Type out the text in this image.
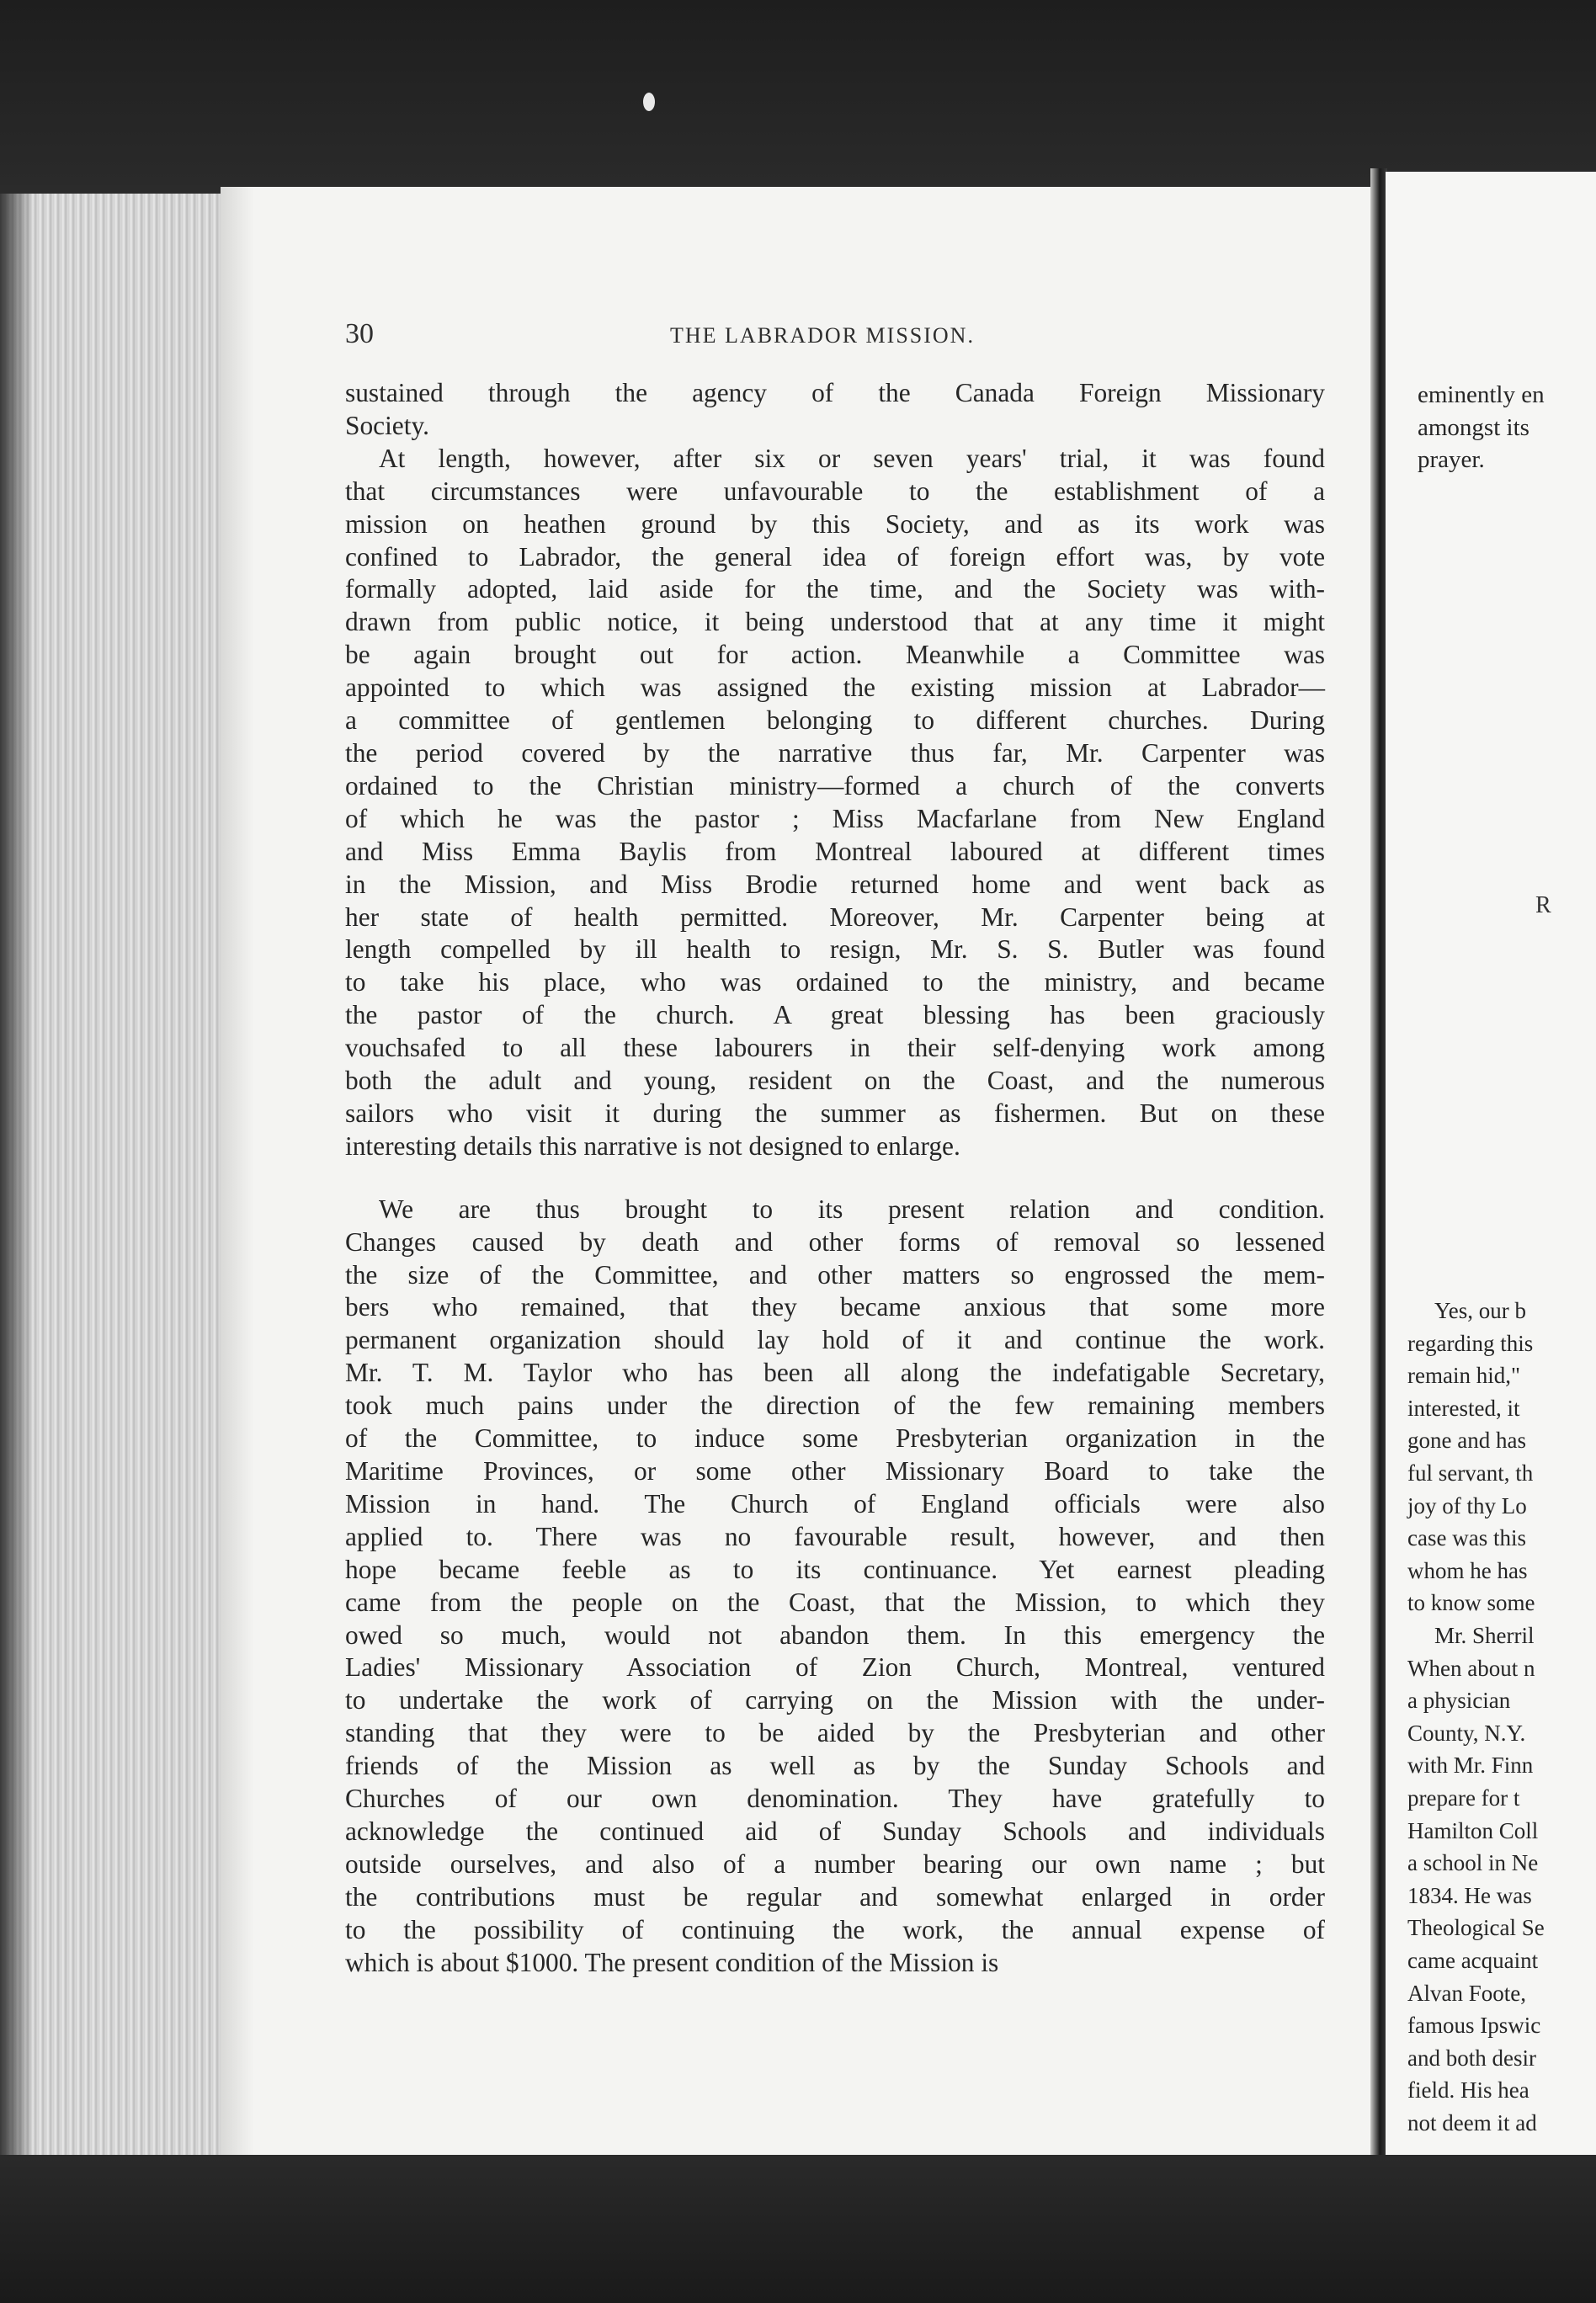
eminently en
amongst its
prayer.
R
Yes, our b
regarding this
remain hid,"
interested, it
gone and has
ful servant, th
joy of thy Lo
case was this
whom he has
to know some
Mr. Sherril
When about n
a physician
County, N.Y.
with Mr. Finn
prepare for t
Hamilton Coll
a school in Ne
1834. He was
Theological Se
came acquaint
Alvan Foote,
famous Ipswic
and both desir
field. His hea
not deem it ad
30	THE LABRADOR MISSION.
sustained through the agency of the Canada Foreign Missionary
Society.
At length, however, after six or seven years' trial, it was found
that circumstances were unfavourable to the establishment of a
mission on heathen ground by this Society, and as its work was
confined to Labrador, the general idea of foreign effort was, by vote
formally adopted, laid aside for the time, and the Society was with-
drawn from public notice, it being understood that at any time it might
be again brought out for action. Meanwhile a Committee was
appointed to which was assigned the existing mission at Labrador—
a committee of gentlemen belonging to different churches. During
the period covered by the narrative thus far, Mr. Carpenter was
ordained to the Christian ministry—formed a church of the converts
of which he was the pastor ; Miss Macfarlane from New England
and Miss Emma Baylis from Montreal laboured at different times
in the Mission, and Miss Brodie returned home and went back as
her state of health permitted. Moreover, Mr. Carpenter being at
length compelled by ill health to resign, Mr. S. S. Butler was found
to take his place, who was ordained to the ministry, and became
the pastor of the church. A great blessing has been graciously
vouchsafed to all these labourers in their self-denying work among
both the adult and young, resident on the Coast, and the numerous
sailors who visit it during the summer as fishermen. But on these
interesting details this narrative is not designed to enlarge.
We are thus brought to its present relation and condition.
Changes caused by death and other forms of removal so lessened
the size of the Committee, and other matters so engrossed the mem-
bers who remained, that they became anxious that some more
permanent organization should lay hold of it and continue the work.
Mr. T. M. Taylor who has been all along the indefatigable Secretary,
took much pains under the direction of the few remaining members
of the Committee, to induce some Presbyterian organization in the
Maritime Provinces, or some other Missionary Board to take the
Mission in hand. The Church of England officials were also
applied to. There was no favourable result, however, and then
hope became feeble as to its continuance. Yet earnest pleading
came from the people on the Coast, that the Mission, to which they
owed so much, would not abandon them. In this emergency the
Ladies' Missionary Association of Zion Church, Montreal, ventured
to undertake the work of carrying on the Mission with the under-
standing that they were to be aided by the Presbyterian and other
friends of the Mission as well as by the Sunday Schools and
Churches of our own denomination. They have gratefully to
acknowledge the continued aid of Sunday Schools and individuals
outside ourselves, and also of a number bearing our own name ; but
the contributions must be regular and somewhat enlarged in order
to the possibility of continuing the work, the annual expense of
which is about $1000. The present condition of the Mission is
